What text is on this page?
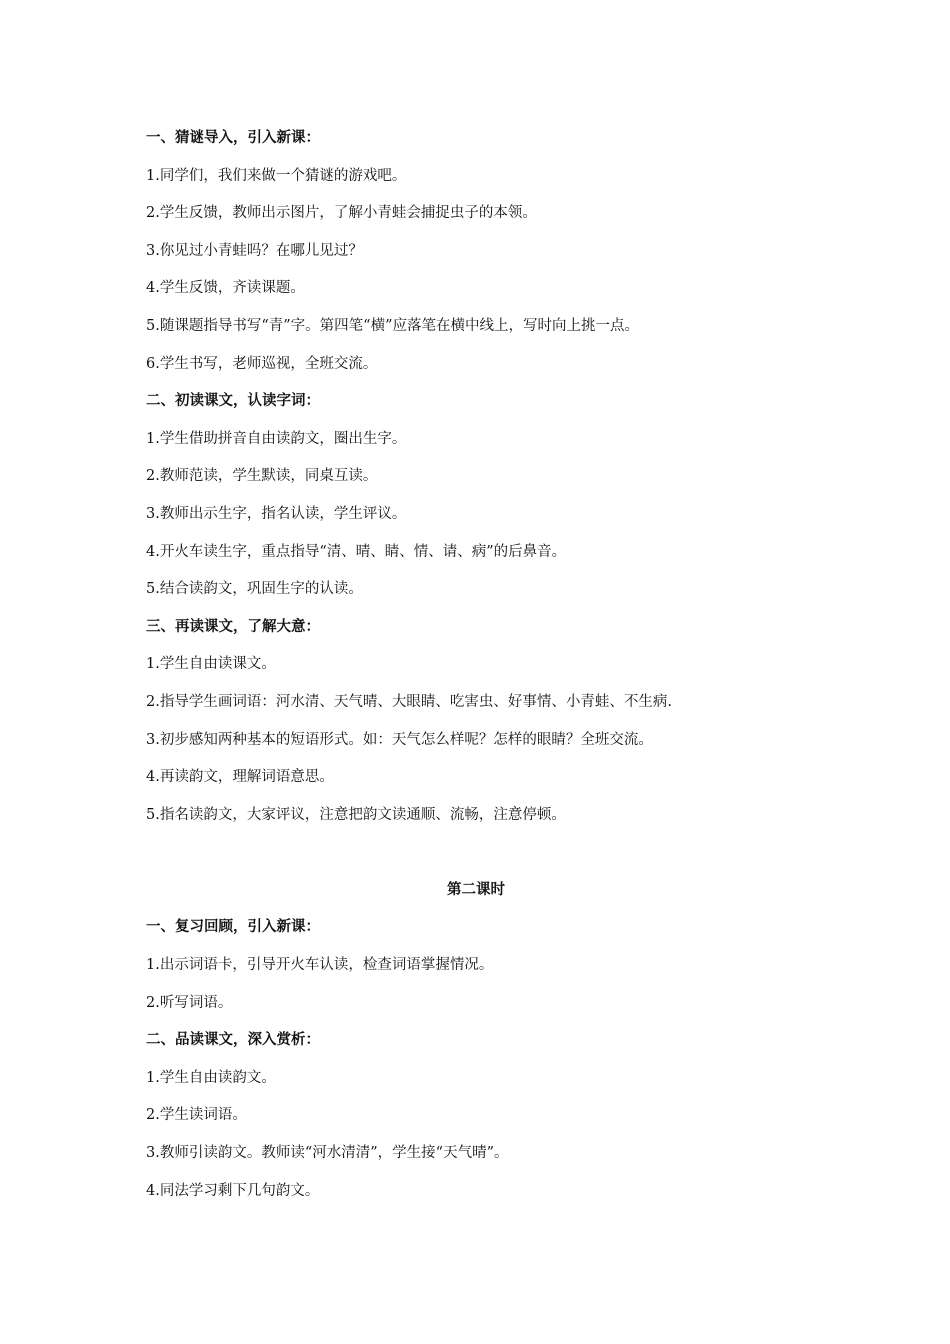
一、猜谜导入，引入新课：
1.同学们，我们来做一个猜谜的游戏吧。
2.学生反馈，教师出示图片，了解小青蛙会捕捉虫子的本领。
3.你见过小青蛙吗？在哪儿见过？
4.学生反馈，齐读课题。
5.随课题指导书写“青”字。第四笔“横”应落笔在横中线上，写时向上挑一点。
6.学生书写，老师巡视，全班交流。
二、初读课文，认读字词：
1.学生借助拼音自由读韵文，圈出生字。
2.教师范读，学生默读，同桌互读。
3.教师出示生字，指名认读，学生评议。
4.开火车读生字，重点指导“清、晴、睛、情、请、病”的后鼻音。
5.结合读韵文，巩固生字的认读。
三、再读课文，了解大意：
1.学生自由读课文。
2.指导学生画词语：河水清、天气晴、大眼睛、吃害虫、好事情、小青蛙、不生病.
3.初步感知两种基本的短语形式。如：天气怎么样呢？怎样的眼睛？全班交流。
4.再读韵文，理解词语意思。
5.指名读韵文，大家评议，注意把韵文读通顺、流畅，注意停顿。
第二课时
一、复习回顾，引入新课：
1.出示词语卡，引导开火车认读，检查词语掌握情况。
2.听写词语。
二、品读课文，深入赏析：
1.学生自由读韵文。
2.学生读词语。
3.教师引读韵文。教师读“河水清清”，学生接“天气晴”。
4.同法学习剩下几句韵文。
